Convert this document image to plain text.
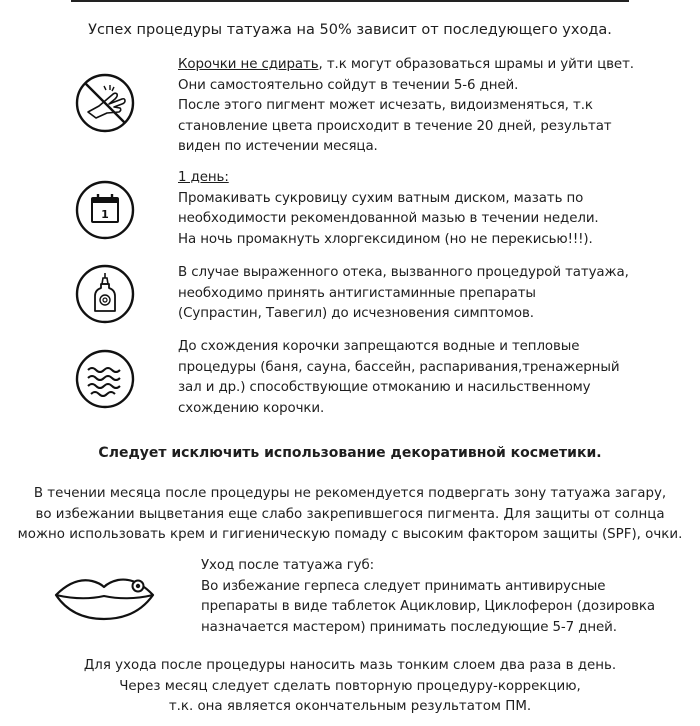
Успех процедуры татуажа на 50% зависит от последующего ухода.
Корочки не сдирать, т.к могут образоваться шрамы и уйти цвет.
Они самостоятельно сойдут в течении 5-6 дней.
После этого пигмент может исчезать, видоизменяться, т.к
становление цвета происходит в течение 20 дней, результат
виден по истечении месяца.
1
1 день:
Промакивать сукровицу сухим ватным диском, мазать по
необходимости рекомендованной мазью в течении недели.
На ночь промакнуть хлоргексидином (но не перекисью!!!).
В случае выраженного отека, вызванного процедурой татуажа,
необходимо принять антигистаминные препараты
(Супрастин, Тавегил) до исчезновения симптомов.
До схождения корочки запрещаются водные и тепловые
процедуры (баня, сауна, бассейн, распаривания,тренажерный
зал и др.) способствующие отмоканию и насильственному
схождению корочки.
Следует исключить использование декоративной косметики.
В течении месяца после процедуры не рекомендуется подвергать зону татуажа загару,
во избежании выцветания еще слабо закрепившегося пигмента. Для защиты от солнца
можно использовать крем и гигиеническую помаду с высоким фактором защиты (SPF), очки.
Уход после татуажа губ:
Во избежание герпеса следует принимать антивирусные
препараты в виде таблеток Ацикловир, Циклоферон (дозировка
назначается мастером) принимать последующие 5-7 дней.
Для ухода после процедуры наносить мазь тонким слоем два раза в день.
Через месяц следует сделать повторную процедуру-коррекцию,
т.к. она является окончательным результатом ПМ.
